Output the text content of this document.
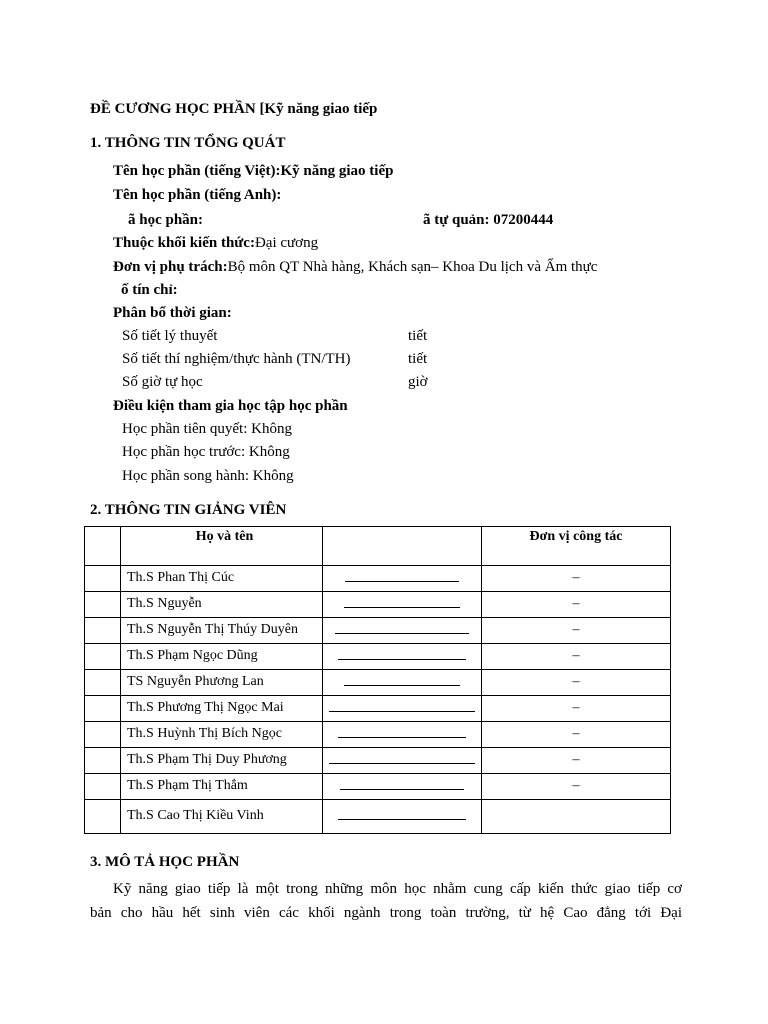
ĐỀ CƯƠNG HỌC PHẦN [Kỹ năng giao tiếp
1. THÔNG TIN TỔNG QUÁT
Tên học phần (tiếng Việt):Kỹ năng giao tiếp
Tên học phần (tiếng Anh):
ã học phần:	ã tự quản: 07200444
Thuộc khối kiến thức:Đại cương
Đơn vị phụ trách:Bộ môn QT Nhà hàng, Khách sạn– Khoa Du lịch và Ẩm thực
ố tín chỉ:
Phân bổ thời gian:
Số tiết lý thuyết	tiết
Số tiết thí nghiệm/thực hành (TN/TH)	tiết
Số giờ tự học	giờ
Điều kiện tham gia học tập học phần
Học phần tiên quyết: Không
Học phần học trước: Không
Học phần song hành: Không
2. THÔNG TIN GIẢNG VIÊN
	Họ và tên		Đơn vị công tác
	Th.S Phan Thị Cúc		–
	Th.S Nguyễn		–
	Th.S Nguyễn Thị Thúy Duyên		–
	Th.S Phạm Ngọc Dũng		–
	TS Nguyễn Phương Lan		–
	Th.S Phương Thị Ngọc Mai		–
	Th.S Huỳnh Thị Bích Ngọc		–
	Th.S Phạm Thị Duy Phương		–
	Th.S Phạm Thị Thắm		–
	Th.S Cao Thị Kiều Vinh		
3. MÔ TẢ HỌC PHẦN
Kỹ năng giao tiếp là một trong những môn học nhằm cung cấp kiến thức giao tiếp cơ
bản cho hầu hết sinh viên các khối ngành trong toàn trường, từ hệ Cao đẳng tới Đại
